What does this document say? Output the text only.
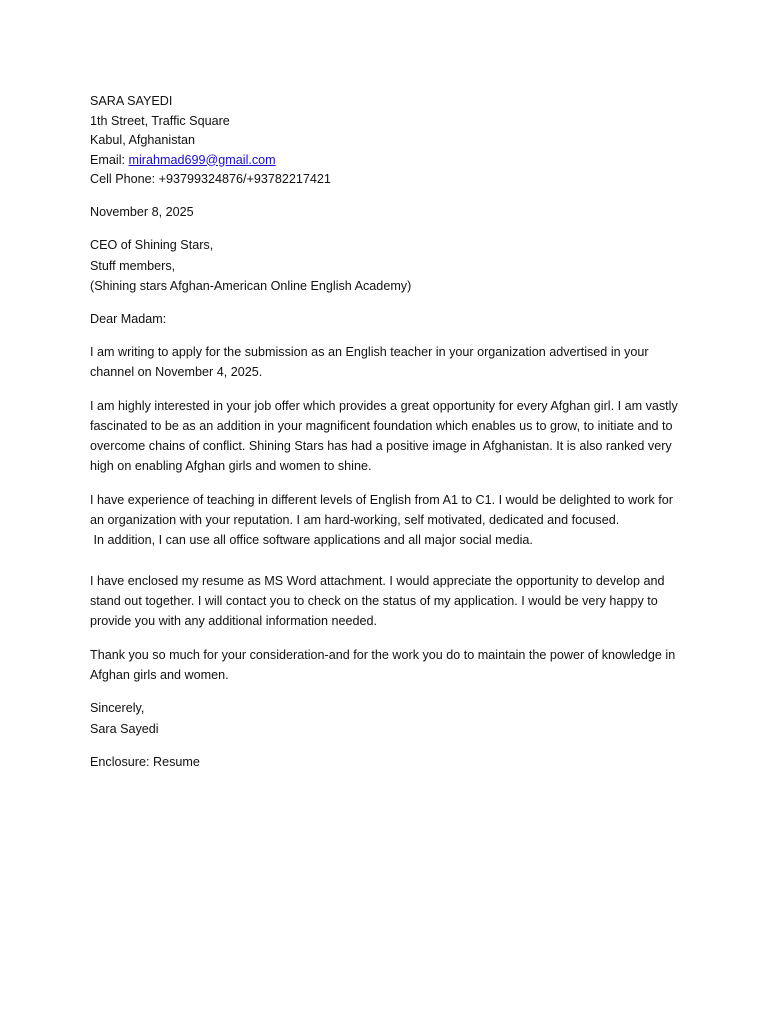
SARA SAYEDI
1th Street, Traffic Square
Kabul, Afghanistan
Email: mirahmad699@gmail.com
Cell Phone: +93799324876/+93782217421
November 8, 2025
CEO of Shining Stars,
Stuff members,
(Shining stars Afghan-American Online English Academy)
Dear Madam:

I am writing to apply for the submission as an English teacher in your organization advertised in your channel on November 4, 2025.

I am highly interested in your job offer which provides a great opportunity for every Afghan girl. I am vastly fascinated to be as an addition in your magnificent foundation which enables us to grow, to initiate and to overcome chains of conflict. Shining Stars has had a positive image in Afghanistan. It is also ranked very high on enabling Afghan girls and women to shine.

I have experience of teaching in different levels of English from A1 to C1. I would be delighted to work for an organization with your reputation. I am hard-working, self motivated, dedicated and focused.

In addition, I can use all office software applications and all major social media.

I have enclosed my resume as MS Word attachment. I would appreciate the opportunity to develop and stand out together. I will contact you to check on the status of my application. I would be very happy to provide you with any additional information needed.

Thank you so much for your consideration-and for the work you do to maintain the power of knowledge in Afghan girls and women.

Sincerely,
Sara Sayedi
Enclosure: Resume
